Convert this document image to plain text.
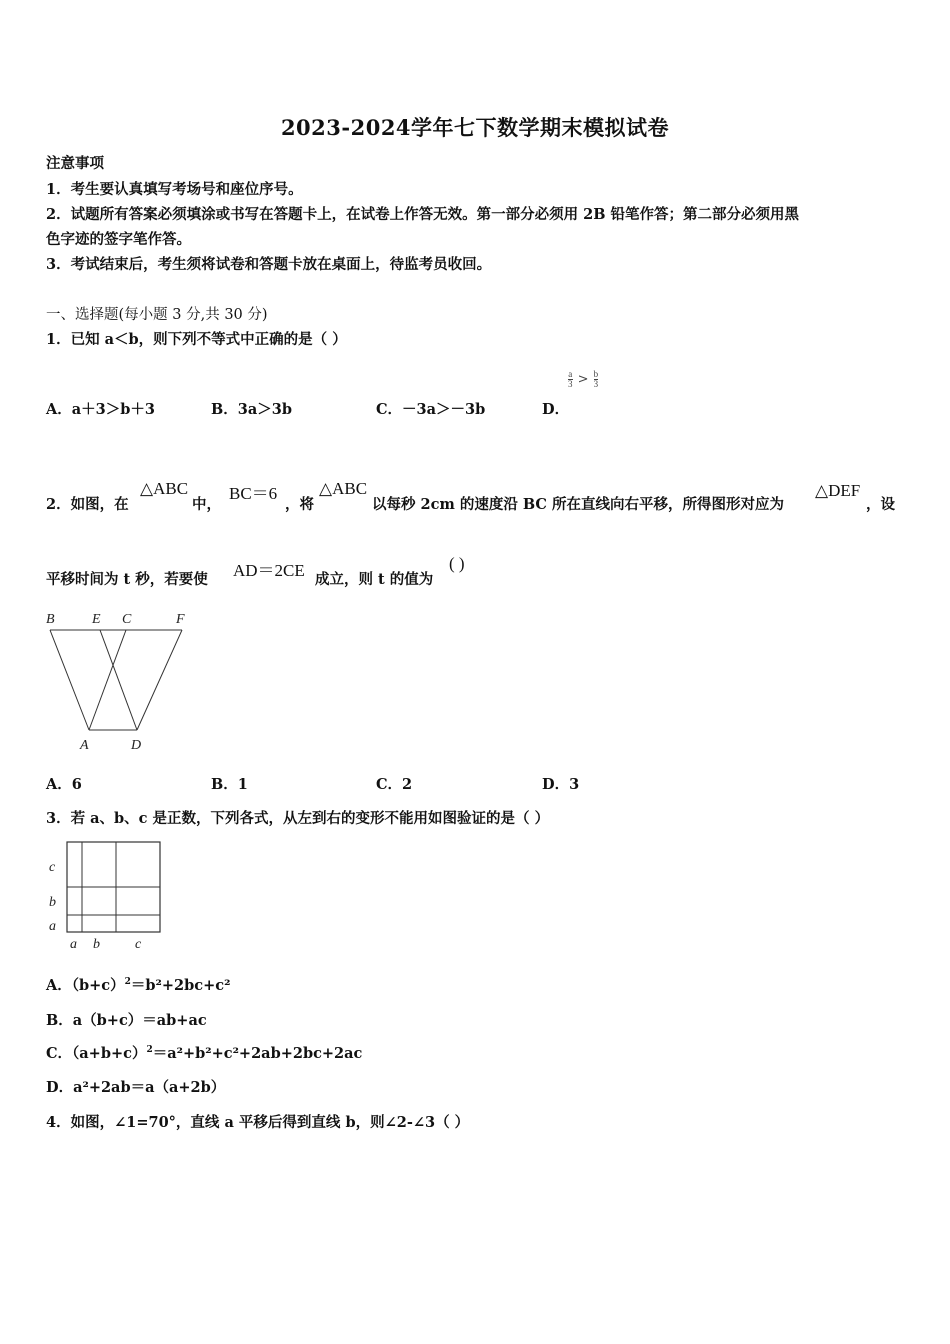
2023-2024学年七下数学期末模拟试卷
注意事项
1．考生要认真填写考场号和座位序号。
2．试题所有答案必须填涂或书写在答题卡上，在试卷上作答无效。第一部分必须用 2B 铅笔作答；第二部分必须用黑
色字迹的签字笔作答。
3．考试结束后，考生须将试卷和答题卡放在桌面上，待监考员收回。
一、选择题(每小题 3 分,共 30 分)
1．已知 a＜b，则下列不等式中正确的是（ ）
A．a＋3＞b＋3	B．3a＞3b	C．－3a＞－3b	D．
$\frac{a}{3} > \frac{b}{3}$
2．如图，在
△ABC
中，
BC＝6
，将
△ABC
以每秒 2cm 的速度沿 BC 所在直线向右平移，所得图形对应为
△DEF
，设
平移时间为 t 秒，若要使 AD＝2CE 成立，则 t 的值为
( )
B	E C	F
A	D
A．6	B．1	C．2	D．3
3．若 a、b、c 是正数，下列各式，从左到右的变形不能用如图验证的是（ ）
c
b
a
a b	c
A．$(b+c)^2=b^2+2bc+c^2$
B．a（b+c）＝ab+ac
C．$(a+b+c)^2=a^2+b^2+c^2+2ab+2bc+2ac$
D．a²+2ab＝a（a+2b）
4．如图，∠1=70°，直线 a 平移后得到直线 b，则∠2-∠3（ ）
